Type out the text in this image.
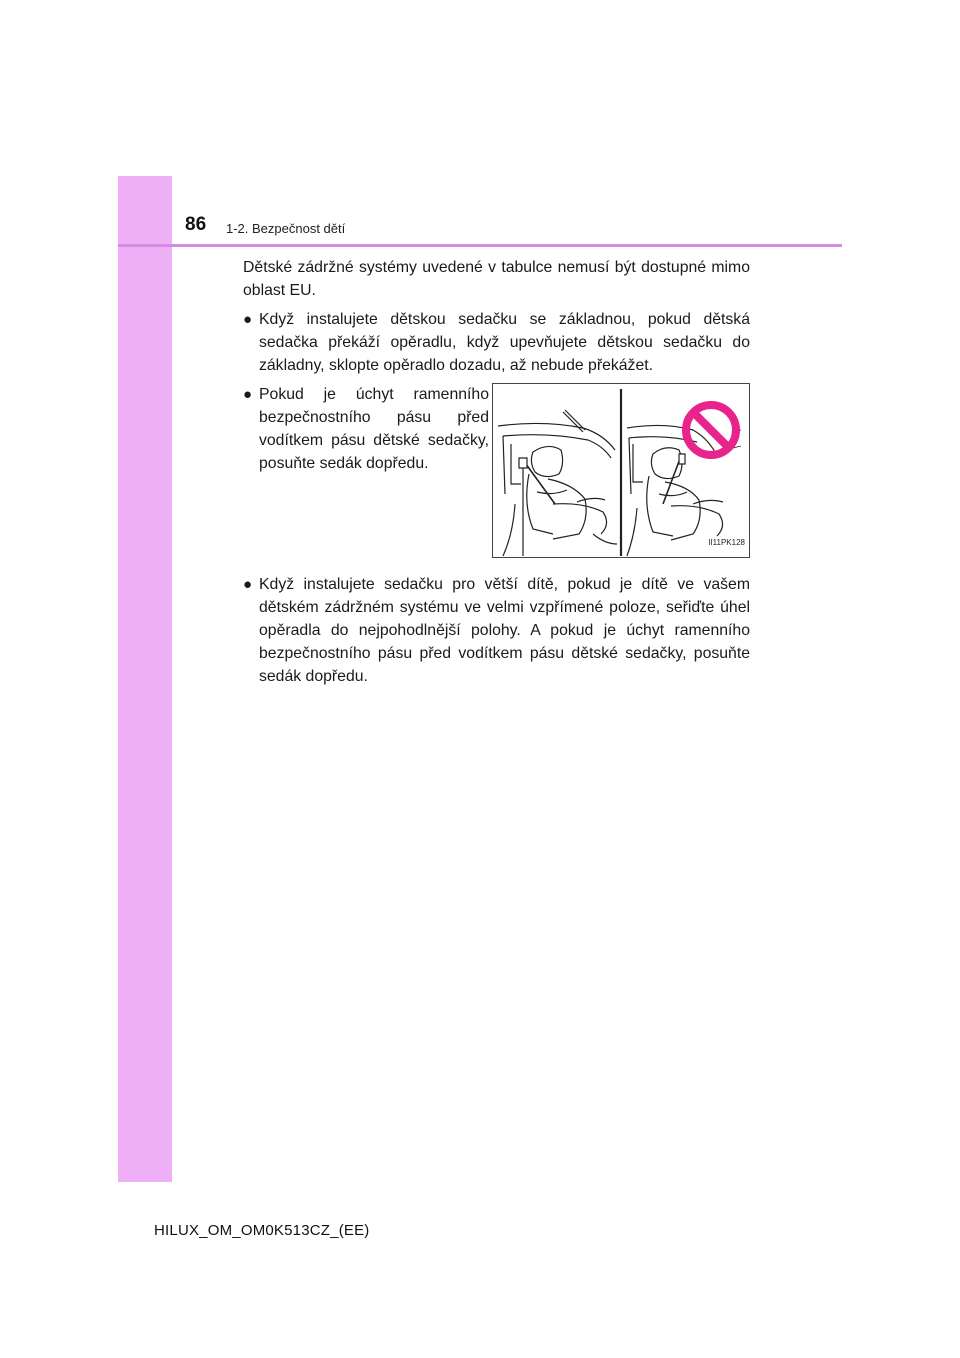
86 1-2. Bezpečnost dětí

Dětské zádržné systémy uvedené v tabulce nemusí být dostupné mimo oblast EU.

● Když instalujete dětskou sedačku se základnou, pokud dětská sedačka překáží opěradlu, když upevňujete dětskou sedačku do základny, sklopte opěradlo dozadu, až nebude překážet.
● Pokud je úchyt ramenního bezpečnostního pásu před vodítkem pásu dětské sedačky, posuňte sedák dopředu.
II11PK128
● Když instalujete sedačku pro větší dítě, pokud je dítě ve vašem dětském zádržném systému ve velmi vzpřímené poloze, seřiďte úhel opěradla do nejpohodlnější polohy. A pokud je úchyt ramenního bezpečnostního pásu před vodítkem pásu dětské sedačky, posuňte sedák dopředu.
HILUX_OM_OM0K513CZ_(EE)
